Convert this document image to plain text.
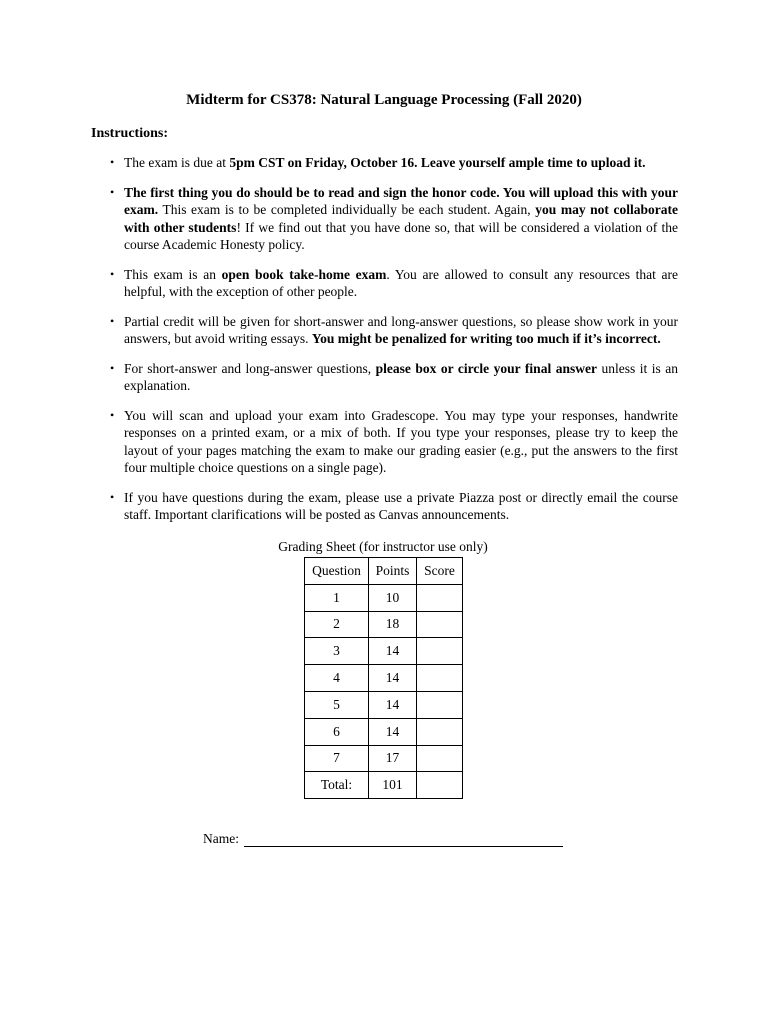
Midterm for CS378: Natural Language Processing (Fall 2020)
Instructions:
• The exam is due at 5pm CST on Friday, October 16. Leave yourself ample time to upload it.
• The first thing you do should be to read and sign the honor code. You will upload this with your exam. This exam is to be completed individually be each student. Again, you may not collaborate with other students! If we find out that you have done so, that will be considered a violation of the course Academic Honesty policy.
• This exam is an open book take-home exam. You are allowed to consult any resources that are helpful, with the exception of other people.
• Partial credit will be given for short-answer and long-answer questions, so please show work in your answers, but avoid writing essays. You might be penalized for writing too much if it’s incorrect.
• For short-answer and long-answer questions, please box or circle your final answer unless it is an explanation.
• You will scan and upload your exam into Gradescope. You may type your responses, handwrite responses on a printed exam, or a mix of both. If you type your responses, please try to keep the layout of your pages matching the exam to make our grading easier (e.g., put the answers to the first four multiple choice questions on a single page).
• If you have questions during the exam, please use a private Piazza post or directly email the course staff. Important clarifications will be posted as Canvas announcements.
Grading Sheet (for instructor use only)
Question	Points	Score
1	10	
2	18	
3	14	
4	14	
5	14	
6	14	
7	17	
Total:	101	
Name:
